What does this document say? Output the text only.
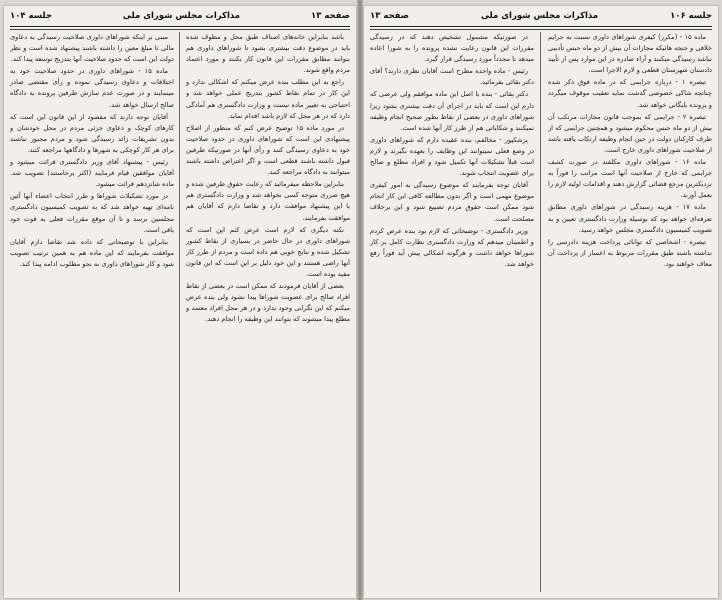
صفحه ۱۳
مذاکرات مجلس شورای ملی
جلسه ۱۰۴

باشد بنابراین خانه‌های اصناف طبق محل و مطوف شده باید در موضوع دقت بیشتری بشود تا شوراهای داوری هم بتوانند مطابق مقررات این قانون کار بکنند و مورد اعتماد مردم واقع شوند.

راجع به این مطلب بنده عرض میکنم که اشکالی ندارد و این کار در تمام نقاط کشور بتدریج عملی خواهد شد و احتیاجی به تغییر ماده نیست و وزارت دادگستری هم آمادگی دارد که در هر محل که لازم باشد اقدام نماید.

در مورد ماده ۱۵ توضیح عرض کنم که منظور از اصلاح پیشنهادی این است که شوراهای داوری در حدود صلاحیت خود به دعاوی رسیدگی کنند و رأی آنها در صورتیکه طرفین قبول داشته باشند قطعی است و اگر اعتراض داشته باشند میتوانند به دادگاه مراجعه کنند.

بنابراین ملاحظه میفرمائید که رعایت حقوق طرفین شده و هیچ ضرری متوجه کسی نخواهد شد و وزارت دادگستری هم با این پیشنهاد موافقت دارد و تقاضا دارم که آقایان هم موافقت بفرمایند.

نکته دیگری که لازم است عرض کنم این است که شوراهای داوری در حال حاضر در بسیاری از نقاط کشور تشکیل شده و نتایج خوبی هم داده است و مردم از طرز کار آنها راضی هستند و این خود دلیل بر این است که این قانون مفید بوده است.

بعضی از آقایان فرمودند که ممکن است در بعضی از نقاط افراد صالح برای عضویت شوراها پیدا نشود ولی بنده عرض میکنم که این نگرانی وجود ندارد و در هر محل افراد معتمد و مطلع پیدا میشوند که بتوانند این وظیفه را انجام دهند.

مبنی بر اینکه شوراهای داوری صلاحیت رسیدگی به دعاوی مالی تا مبلغ معین را داشته باشند پیشنهاد شده است و نظر دولت این است که حدود صلاحیت آنها بتدریج توسعه پیدا کند.

ماده ۱۵ - شوراهای داوری در حدود صلاحیت خود به اختلافات و دعاوی رسیدگی نموده و رأی مقتضی صادر مینمایند و در صورت عدم سازش طرفین پرونده به دادگاه صالح ارسال خواهد شد.

آقایان توجه دارند که مقصود از این قانون این است که کارهای کوچک و دعاوی جزئی مردم در محل خودشان و بدون تشریفات زائد رسیدگی شود و مردم مجبور نباشند برای هر کار کوچکی به شهرها و دادگاهها مراجعه کنند.

رئیس - پیشنهاد آقای وزیر دادگستری قرائت میشود و آقایان موافقین قیام فرمایند (اکثر برخاستند) تصویب شد. ماده شانزدهم قرائت میشود.

در مورد تشکیلات شوراها و طرز انتخاب اعضاء آنها آئین نامه‌ای تهیه خواهد شد که به تصویب کمیسیون دادگستری مجلسین برسد و تا آن موقع مقررات فعلی به قوت خود باقی است.

بنابراین با توضیحاتی که داده شد تقاضا دارم آقایان موافقت بفرمایند که این ماده هم به همین ترتیب تصویب شود و کار شوراهای داوری به نحو مطلوب ادامه پیدا کند.

جلسه ۱۰۶
مذاکرات مجلس شورای ملی
صفحه ۱۳

ماده ۱۵ - (مکرر) کیفری شوراهای داوری نسبت به جرایم خلافی و جنحه هائیکه مجازات آن بیش از دو ماه حبس تأدیبی نباشد رسیدگی میکنند و آراء صادره در این موارد پس از تأیید دادستان شهرستان قطعی و لازم الاجرا است.

تبصره ۱ - درباره جرایمی که در ماده فوق ذکر شده چنانچه شاکی خصوصی گذشت نماید تعقیب موقوف میگردد و پرونده بایگانی خواهد شد.

تبصره ۲ - جرایمی که بموجب قانون مجازات مرتکب آن بیش از دو ماه حبس محکوم میشود و همچنین جرایمی که از طرف کارکنان دولت در حین انجام وظیفه ارتکاب یافته باشد از صلاحیت شوراهای داوری خارج است.

ماده ۱۶ - شوراهای داوری مکلفند در صورت کشف جرایمی که خارج از صلاحیت آنها است مراتب را فوراً به نزدیکترین مرجع قضائی گزارش دهند و اقدامات اولیه لازم را بعمل آورند.

ماده ۱۷ - هزینه رسیدگی در شوراهای داوری مطابق تعرفه‌ای خواهد بود که بوسیله وزارت دادگستری تعیین و به تصویب کمیسیون دادگستری مجلس خواهد رسید.

تبصره - اشخاصی که توانائی پرداخت هزینه دادرسی را نداشته باشند طبق مقررات مربوط به اعسار از پرداخت آن معاف خواهند بود.

در صورتیکه مشمول تشخیص دهند که در رسیدگی مقررات این قانون رعایت نشده پرونده را به شورا اعاده میدهد تا مجدداً مورد رسیدگی قرار گیرد.

رئیس - ماده واحده مطرح است آقایان نظری دارند؟ آقای دکتر بقائی بفرمائید.

دکتر بقائی - بنده با اصل این ماده موافقم ولی عرضی که دارم این است که باید در اجرای آن دقت بیشتری بشود زیرا شوراهای داوری در بعضی از نقاط بطور صحیح انجام وظیفه نمیکنند و شکایاتی هم از طرز کار آنها شده است.

پزشکپور - مخالفم، بنده عقیده دارم که شوراهای داوری در وضع فعلی نمیتوانند این وظایف را بعهده بگیرند و لازم است قبلاً تشکیلات آنها تکمیل شود و افراد مطلع و صالح برای عضویت انتخاب شوند.

آقایان توجه بفرمایند که موضوع رسیدگی به امور کیفری موضوع مهمی است و اگر بدون مطالعه کافی این کار انجام شود ممکن است حقوق مردم تضییع شود و این برخلاف مصلحت است.

وزیر دادگستری - توضیحاتی که لازم بود بنده عرض کردم و اطمینان میدهم که وزارت دادگستری نظارت کامل بر کار شوراها خواهد داشت و هرگونه اشکالی پیش آید فوراً رفع خواهد شد.
